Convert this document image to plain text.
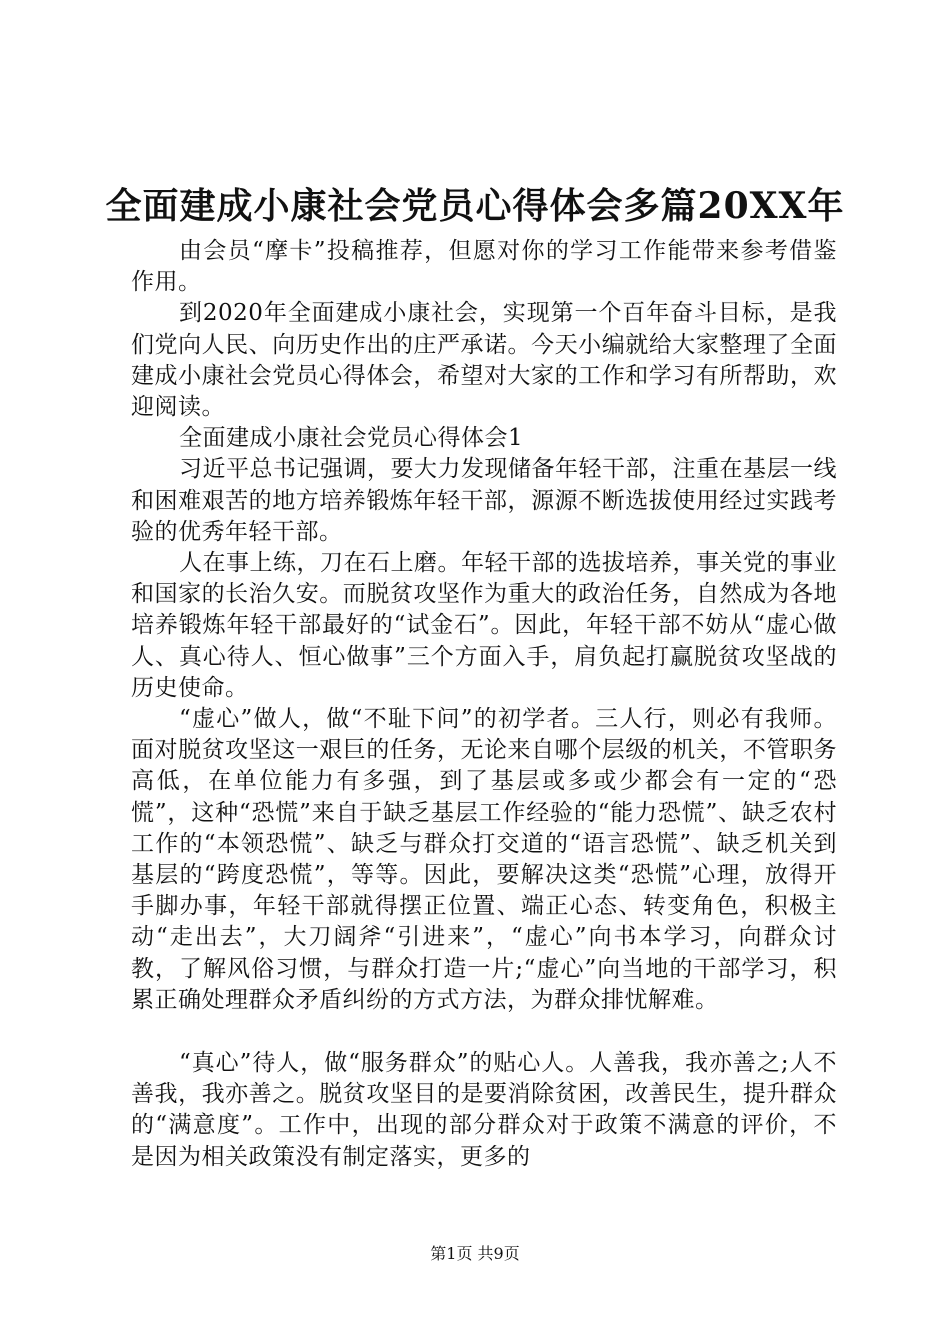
全面建成小康社会党员心得体会多篇20XX年

由会员“摩卡”投稿推荐，但愿对你的学习工作能带来参考借鉴作用。

到2020年全面建成小康社会，实现第一个百年奋斗目标，是我们党向人民、向历史作出的庄严承诺。今天小编就给大家整理了全面建成小康社会党员心得体会，希望对大家的工作和学习有所帮助，欢迎阅读。

全面建成小康社会党员心得体会1

习近平总书记强调，要大力发现储备年轻干部，注重在基层一线和困难艰苦的地方培养锻炼年轻干部，源源不断选拔使用经过实践考验的优秀年轻干部。

人在事上练，刀在石上磨。年轻干部的选拔培养，事关党的事业和国家的长治久安。而脱贫攻坚作为重大的政治任务，自然成为各地培养锻炼年轻干部最好的“试金石”。因此，年轻干部不妨从“虚心做人、真心待人、恒心做事”三个方面入手，肩负起打赢脱贫攻坚战的历史使命。

“虚心”做人，做“不耻下问”的初学者。三人行，则必有我师。面对脱贫攻坚这一艰巨的任务，无论来自哪个层级的机关，不管职务高低，在单位能力有多强，到了基层或多或少都会有一定的“恐慌”，这种“恐慌”来自于缺乏基层工作经验的“能力恐慌”、缺乏农村工作的“本领恐慌”、缺乏与群众打交道的“语言恐慌”、缺乏机关到基层的“跨度恐慌”，等等。因此，要解决这类“恐慌”心理，放得开手脚办事，年轻干部就得摆正位置、端正心态、转变角色，积极主动“走出去”，大刀阔斧“引进来”，“虚心”向书本学习，向群众讨教，了解风俗习惯，与群众打造一片;“虚心”向当地的干部学习，积累正确处理群众矛盾纠纷的方式方法，为群众排忧解难。

“真心”待人，做“服务群众”的贴心人。人善我，我亦善之;人不善我，我亦善之。脱贫攻坚目的是要消除贫困，改善民生，提升群众的“满意度”。工作中，出现的部分群众对于政策不满意的评价，不是因为相关政策没有制定落实，更多的

第1页 共9页
